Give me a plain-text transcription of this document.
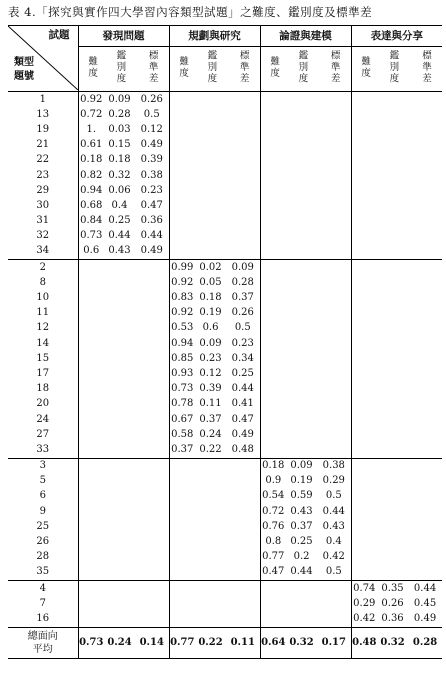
表 4.「探究與實作四大學習內容類型試題」之難度、鑑別度及標準差
試題
類型
題號	發現問題			規劃與研究			論證與建模			表達與分享		
	難度	鑑別度	標準差	難度	鑑別度	標準差	難度	鑑別度	標準差	難度	鑑別度	標準差
1	0.92	0.09	0.26									
13	0.72	0.28	0.5									
19	1.	0.03	0.12									
21	0.61	0.15	0.49									
22	0.18	0.18	0.39									
23	0.82	0.32	0.38									
29	0.94	0.06	0.23									
30	0.68	0.4	0.47									
31	0.84	0.25	0.36									
32	0.73	0.44	0.44									
34	0.6	0.43	0.49									
2				0.99	0.02	0.09						
8				0.92	0.05	0.28						
10				0.83	0.18	0.37						
11				0.92	0.19	0.26						
12				0.53	0.6	0.5						
14				0.94	0.09	0.23						
15				0.85	0.23	0.34						
17				0.93	0.12	0.25						
18				0.73	0.39	0.44						
20				0.78	0.11	0.41						
24				0.67	0.37	0.47						
27				0.58	0.24	0.49						
33				0.37	0.22	0.48						
3							0.18	0.09	0.38			
5							0.9	0.19	0.29			
6							0.54	0.59	0.5			
9							0.72	0.43	0.44			
25							0.76	0.37	0.43			
26							0.8	0.25	0.4			
28							0.77	0.2	0.42			
35							0.47	0.44	0.5			
4										0.74	0.35	0.44
7										0.29	0.26	0.45
16										0.42	0.36	0.49
總面向
平均	0.73	0.24	0.14	0.77	0.22	0.11	0.64	0.32	0.17	0.48	0.32	0.28
